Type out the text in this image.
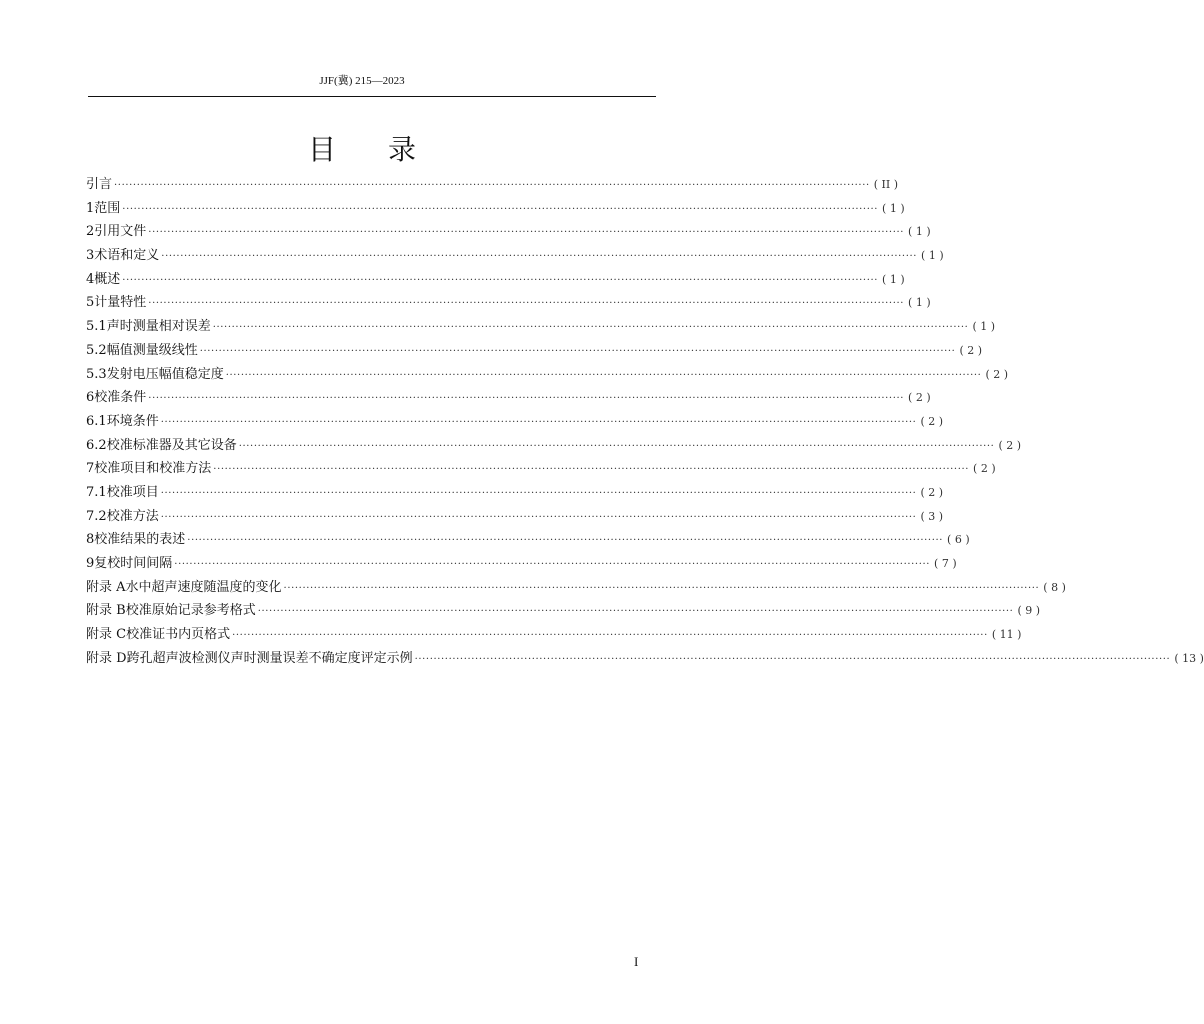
JJF(冀) 215—2023
目 录
引言 ········································································································································································································ ( II )
1 范围 ········································································································································································································ ( 1 )
2 引用文件 ········································································································································································································ ( 1 )
3 术语和定义 ········································································································································································································ ( 1 )
4 概述 ········································································································································································································ ( 1 )
5 计量特性 ········································································································································································································ ( 1 )
5.1 声时测量相对误差 ········································································································································································································ ( 1 )
5.2 幅值测量级线性 ········································································································································································································ ( 2 )
5.3 发射电压幅值稳定度 ········································································································································································································ ( 2 )
6 校准条件 ········································································································································································································ ( 2 )
6.1 环境条件 ········································································································································································································ ( 2 )
6.2 校准标准器及其它设备 ········································································································································································································ ( 2 )
7 校准项目和校准方法 ········································································································································································································ ( 2 )
7.1 校准项目 ········································································································································································································ ( 2 )
7.2 校准方法 ········································································································································································································ ( 3 )
8 校准结果的表述 ········································································································································································································ ( 6 )
9 复校时间间隔 ········································································································································································································ ( 7 )
附录 A 水中超声速度随温度的变化 ········································································································································································································ ( 8 )
附录 B 校准原始记录参考格式 ········································································································································································································ ( 9 )
附录 C 校准证书内页格式 ········································································································································································································ ( 11 )
附录 D 跨孔超声波检测仪声时测量误差不确定度评定示例 ········································································································································································································ ( 13 )
I
